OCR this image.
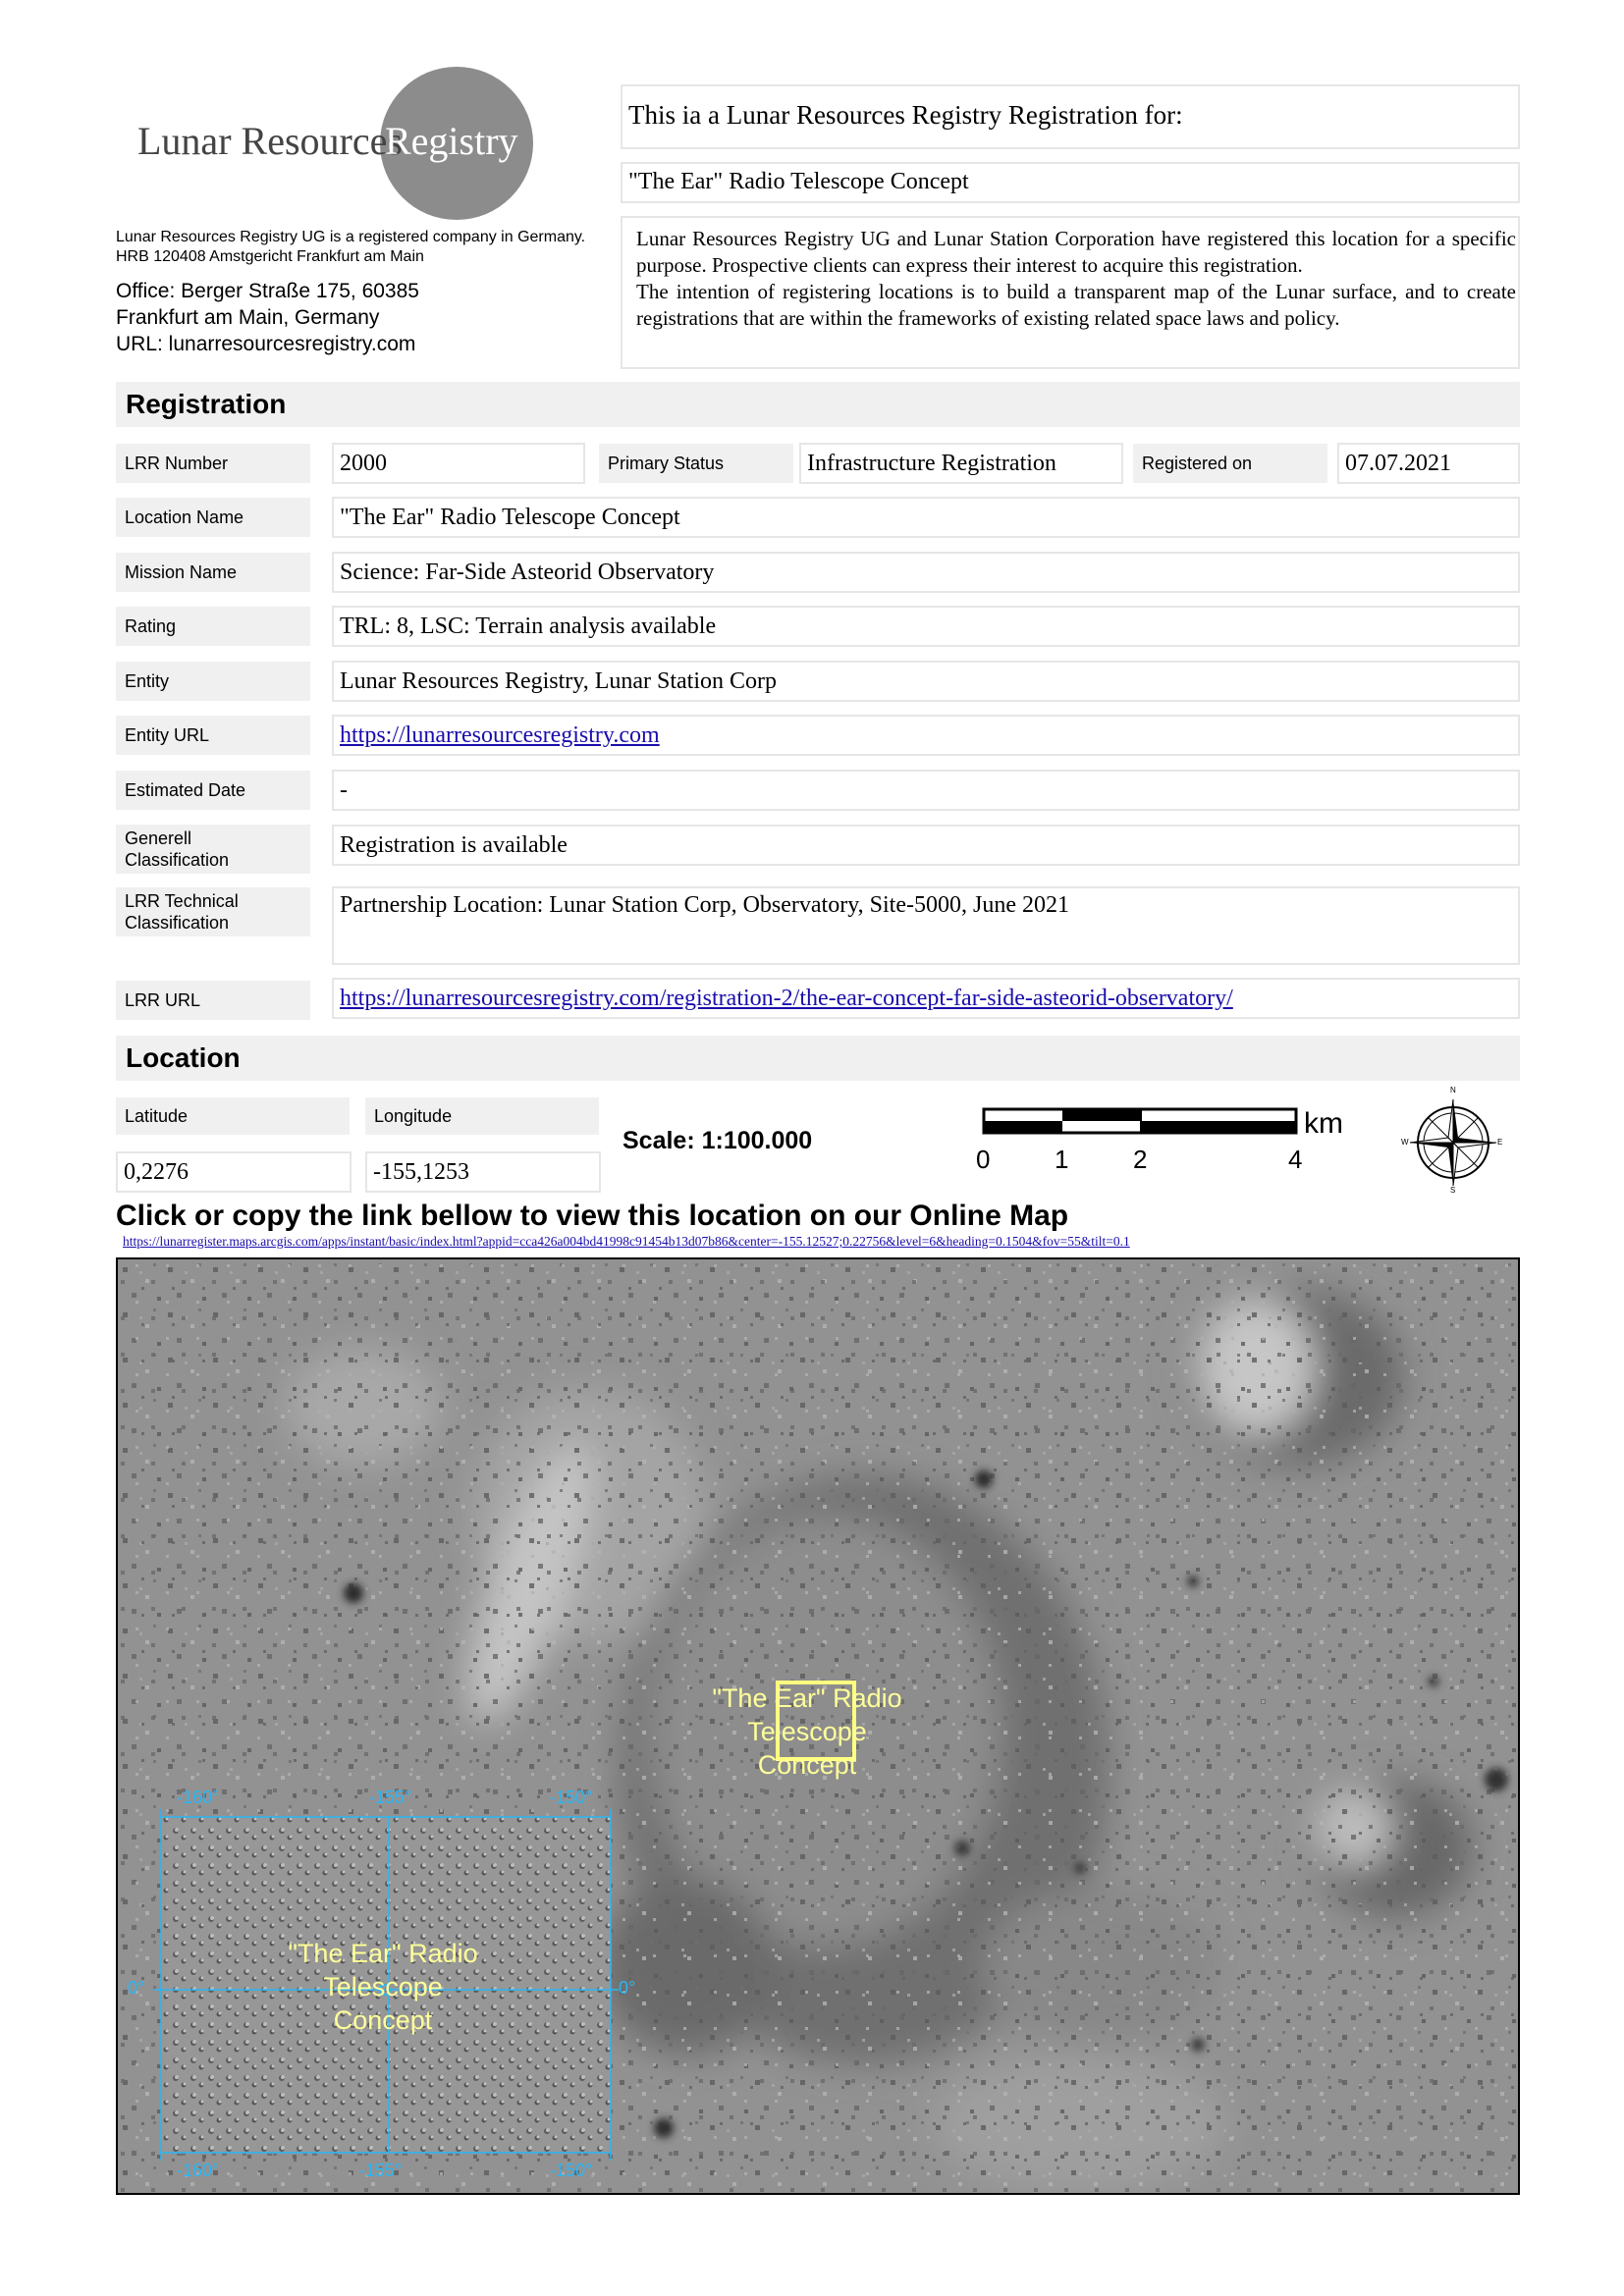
Lunar Resources
Registry
Lunar Resources Registry UG is a registered company in Germany.
HRB 120408 Amstgericht Frankfurt am Main
Office: Berger Straße 175, 60385
Frankfurt am Main, Germany
URL: lunarresourcesregistry.com
This ia a Lunar Resources Registry Registration for:
"The Ear" Radio Telescope Concept
Lunar Resources Registry UG and Lunar Station Corporation have registered this location for a specific purpose. Prospective clients can express their interest to acquire this registration.
The intention of registering locations is to build a transparent map of the Lunar surface, and to create registrations that are within the frameworks of existing related space laws and policy.
Registration
LRR Number	2000	Primary Status	Infrastructure Registration	Registered on	07.07.2021
Location Name	"The Ear" Radio Telescope Concept
Mission Name	Science: Far-Side Asteorid Observatory
Rating	TRL: 8, LSC: Terrain analysis available
Entity	Lunar Resources Registry, Lunar Station Corp
Entity URL	https://lunarresourcesregistry.com
Estimated Date	-
Generell
Classification
Registration is available
LRR Technical
Classification
Partnership Location: Lunar Station Corp, Observatory, Site-5000, June 2021
LRR URL	https://lunarresourcesregistry.com/registration-2/the-ear-concept-far-side-asteorid-observatory/
Location
Latitude
0,2276
Longitude
-155,1253
Scale: 1:100.000
0	1	2	4
km
N
S
E
W
Click or copy the link bellow to view this location on our Online Map
https://lunarregister.maps.arcgis.com/apps/instant/basic/index.html?appid=cca426a004bd41998c91454b13d07b86&center=-155.12527;0.22756&level=6&heading=0.1504&fov=55&tilt=0.1
"The Ear" Radio Telescope Concept
"The Ear" Radio Telescope Concept
-160°	-155°	-150°
-160°	-155°	-150°
0°	0°
